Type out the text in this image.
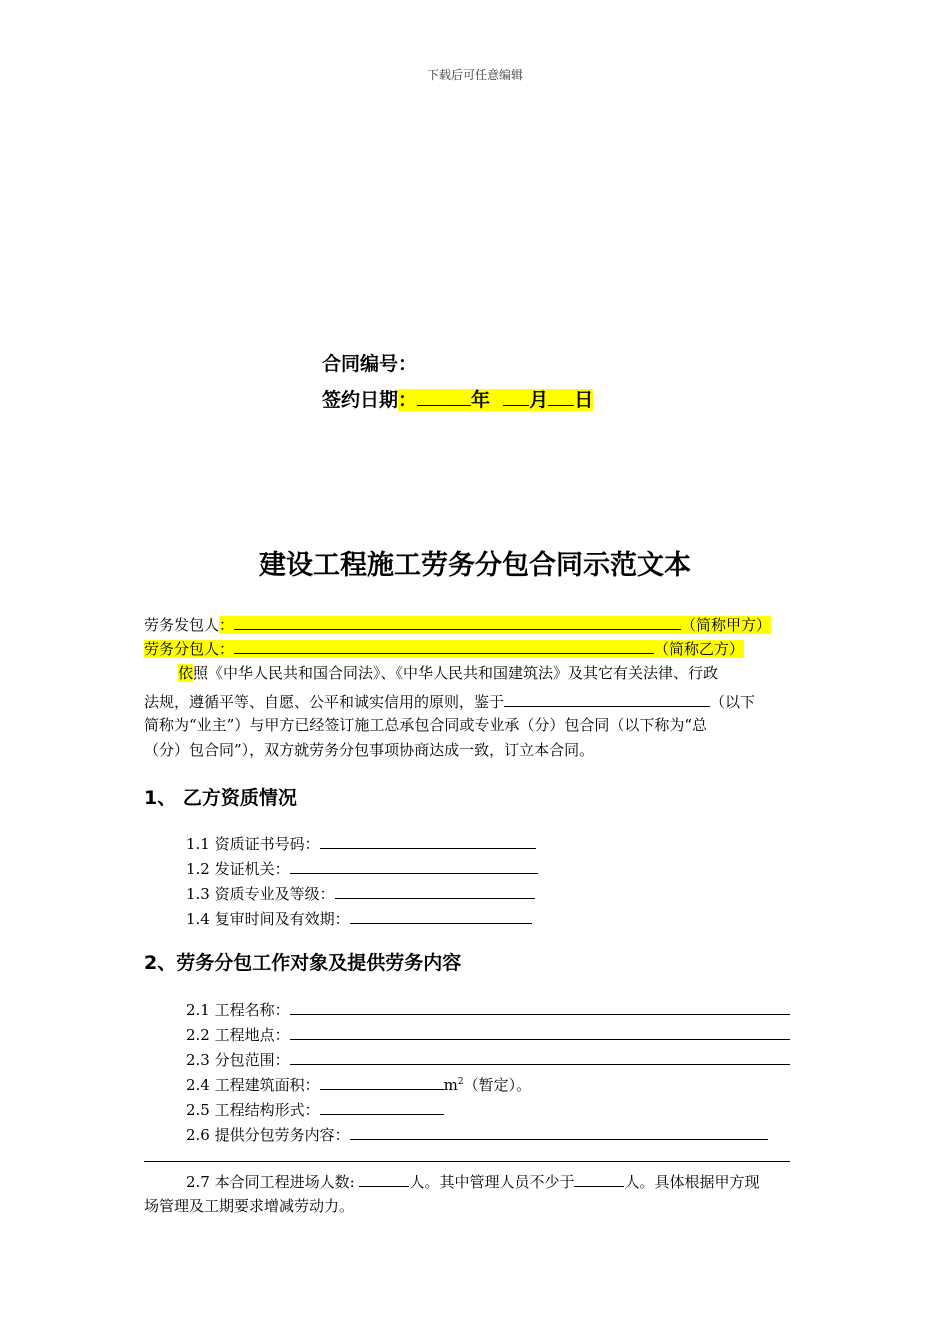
下载后可任意编辑
合同编号：
签约日期：	年 月 日
建设工程施工劳务分包合同示范文本
劳务发包人：	（简称甲方）
劳务分包人：	（简称乙方）
依照《中华人民共和国合同法》、《中华人民共和国建筑法》及其它有关法律、行政
法规，遵循平等、自愿、公平和诚实信用的原则，鉴于	（以下
简称为“业主”）与甲方已经签订施工总承包合同或专业承（分）包合同（以下称为“总
（分）包合同”），双方就劳务分包事项协商达成一致，订立本合同。
1、 乙方资质情况
1.1 资质证书号码：
1.2 发证机关：
1.3 资质专业及等级：
1.4 复审时间及有效期：
2、劳务分包工作对象及提供劳务内容
2.1 工程名称：
2.2 工程地点：
2.3 分包范围：
2.4 工程建筑面积：	$m^2$（暂定）。
2.5 工程结构形式：
2.6 提供分包劳务内容：
2.7 本合同工程进场人数:	人。其中管理人员不少于	人。具体根据甲方现
场管理及工期要求增减劳动力。
